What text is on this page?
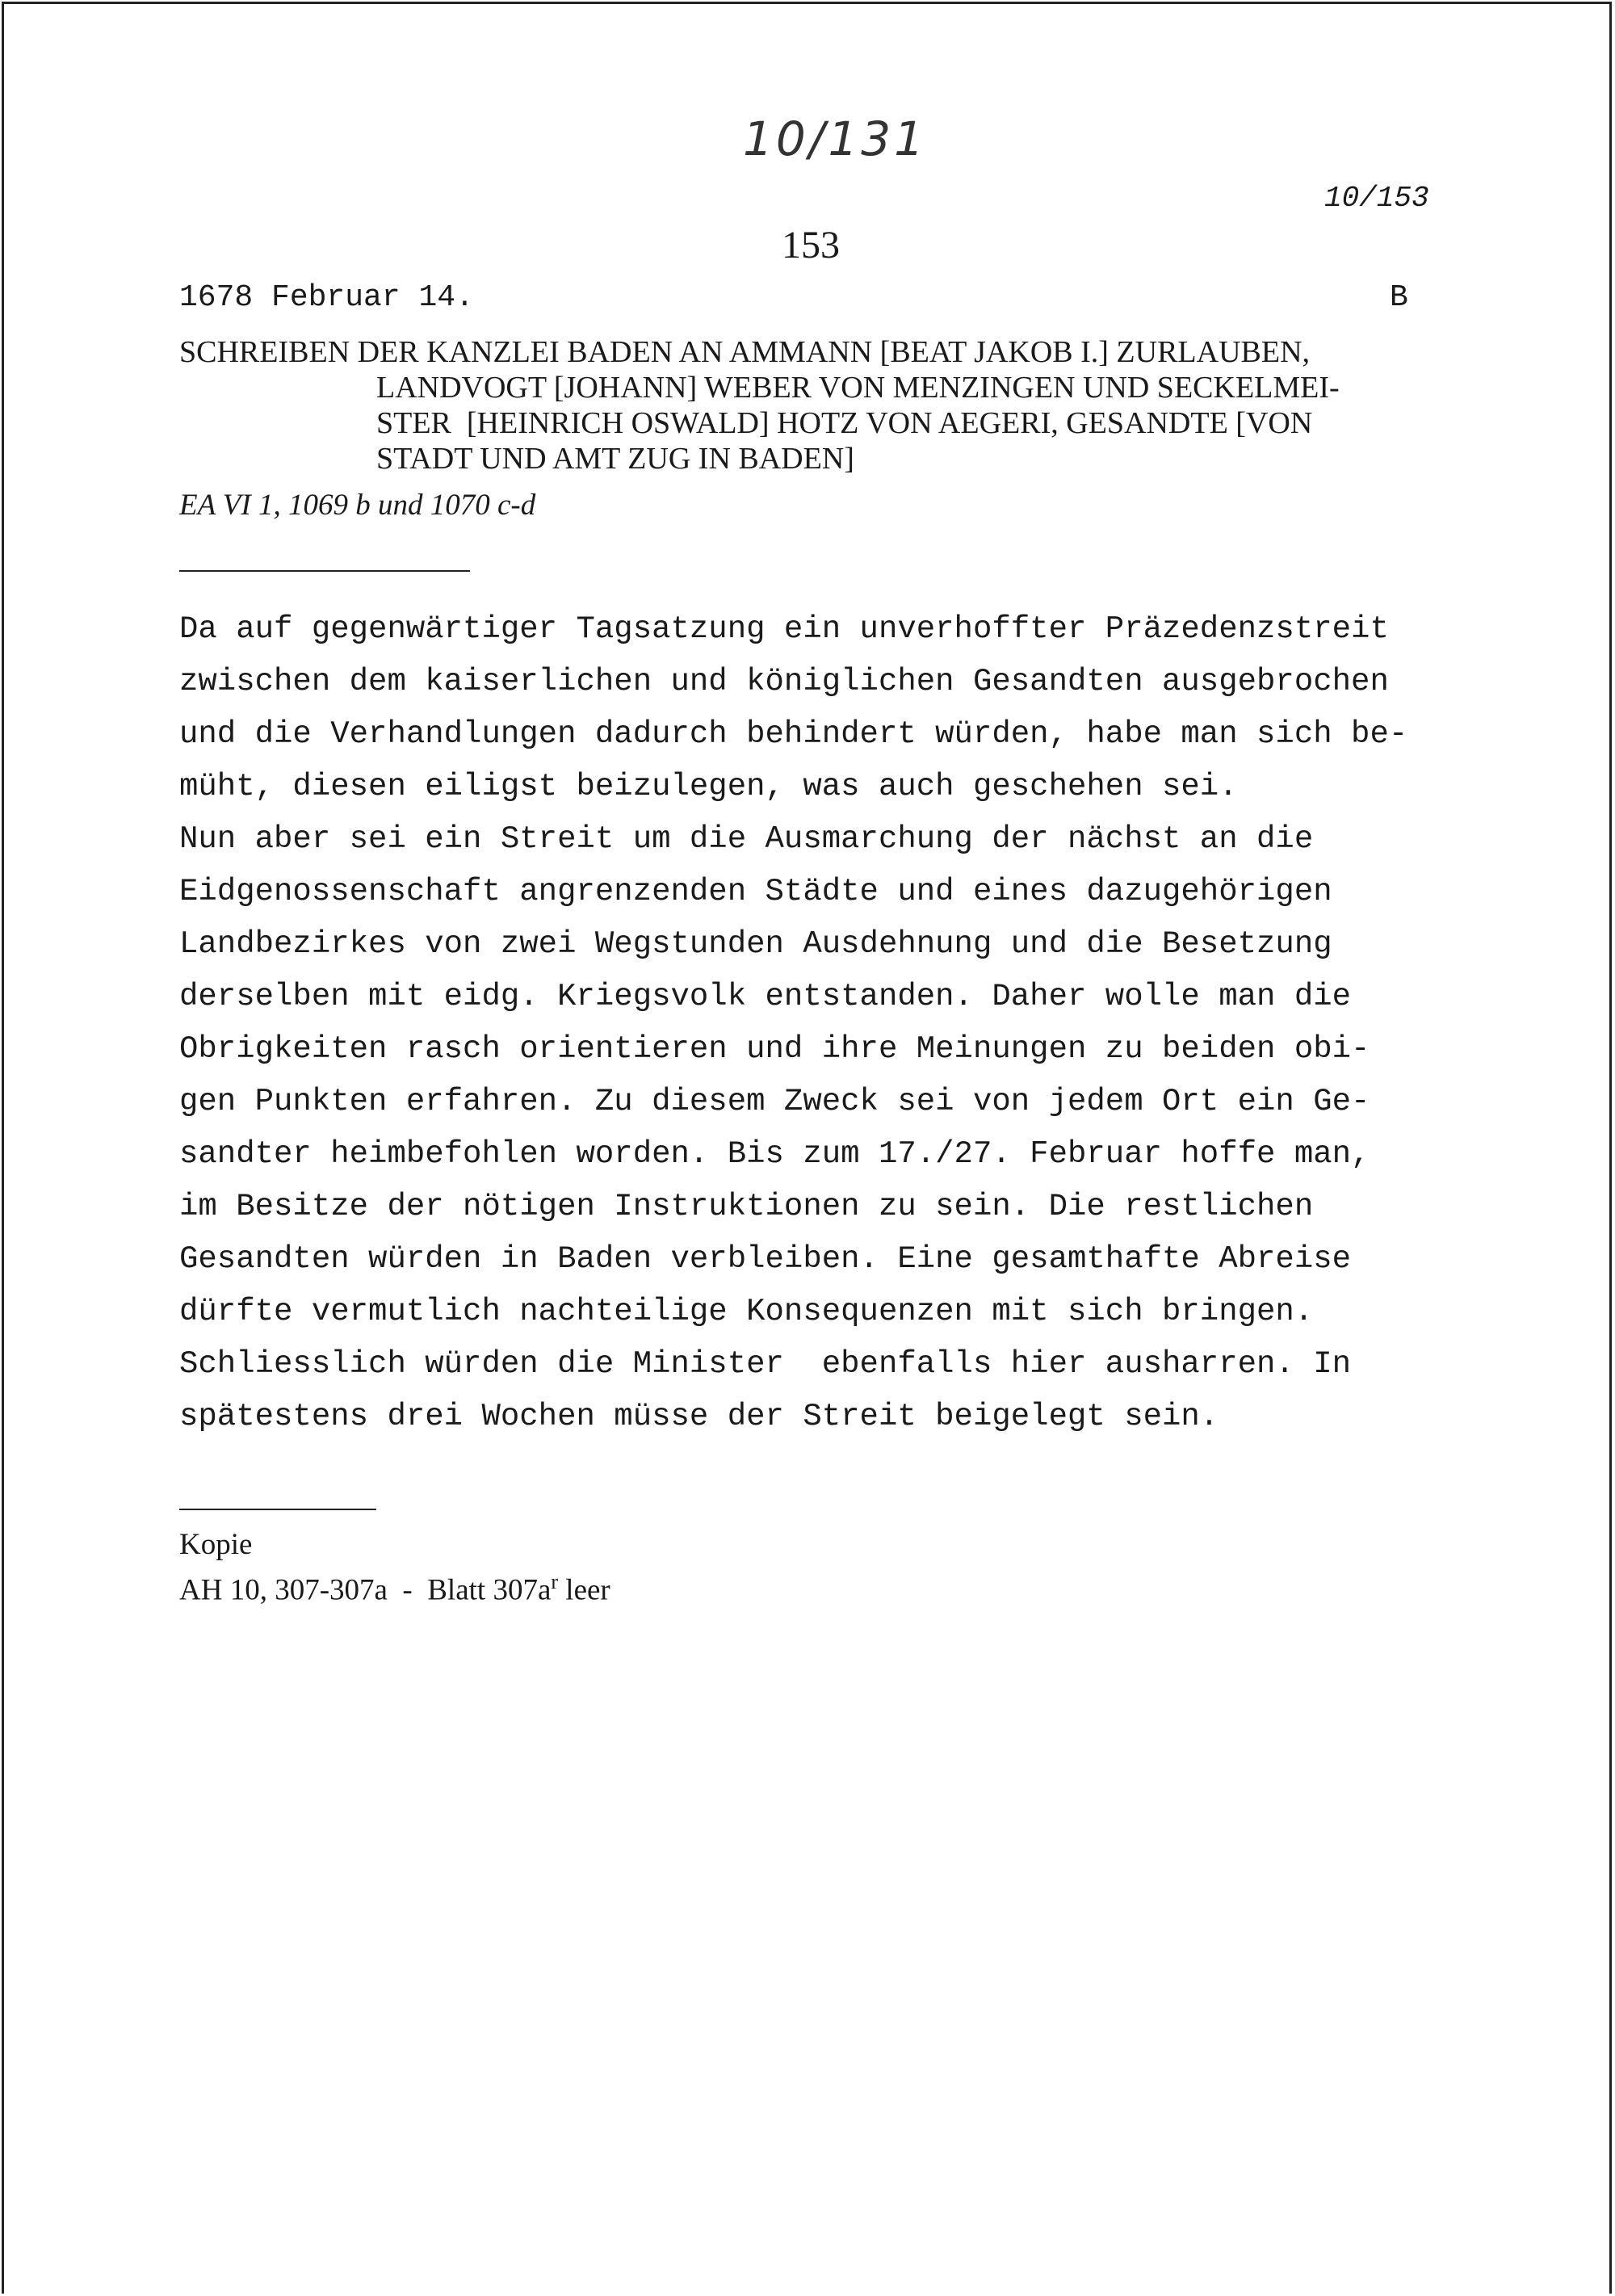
10/131
153
10/153
1678 Februar 14.	B
SCHREIBEN DER KANZLEI BADEN AN AMMANN [BEAT JAKOB I.] ZURLAUBEN,
LANDVOGT [JOHANN] WEBER VON MENZINGEN UND SECKELMEI-
STER  [HEINRICH OSWALD] HOTZ VON AEGERI, GESANDTE [VON
STADT UND AMT ZUG IN BADEN]
EA VI 1, 1069 b und 1070 c-d
Da auf gegenwärtiger Tagsatzung ein unverhoffter Präzedenzstreit
zwischen dem kaiserlichen und königlichen Gesandten ausgebrochen
und die Verhandlungen dadurch behindert würden, habe man sich be-
müht, diesen eiligst beizulegen, was auch geschehen sei.
Nun aber sei ein Streit um die Ausmarchung der nächst an die
Eidgenossenschaft angrenzenden Städte und eines dazugehörigen
Landbezirkes von zwei Wegstunden Ausdehnung und die Besetzung
derselben mit eidg. Kriegsvolk entstanden. Daher wolle man die
Obrigkeiten rasch orientieren und ihre Meinungen zu beiden obi-
gen Punkten erfahren. Zu diesem Zweck sei von jedem Ort ein Ge-
sandter heimbefohlen worden. Bis zum 17./27. Februar hoffe man,
im Besitze der nötigen Instruktionen zu sein. Die restlichen
Gesandten würden in Baden verbleiben. Eine gesamthafte Abreise
dürfte vermutlich nachteilige Konsequenzen mit sich bringen.
Schliesslich würden die Minister  ebenfalls hier ausharren. In
spätestens drei Wochen müsse der Streit beigelegt sein.
Kopie
AH 10, 307-307a  -  Blatt $307a^r$ leer
